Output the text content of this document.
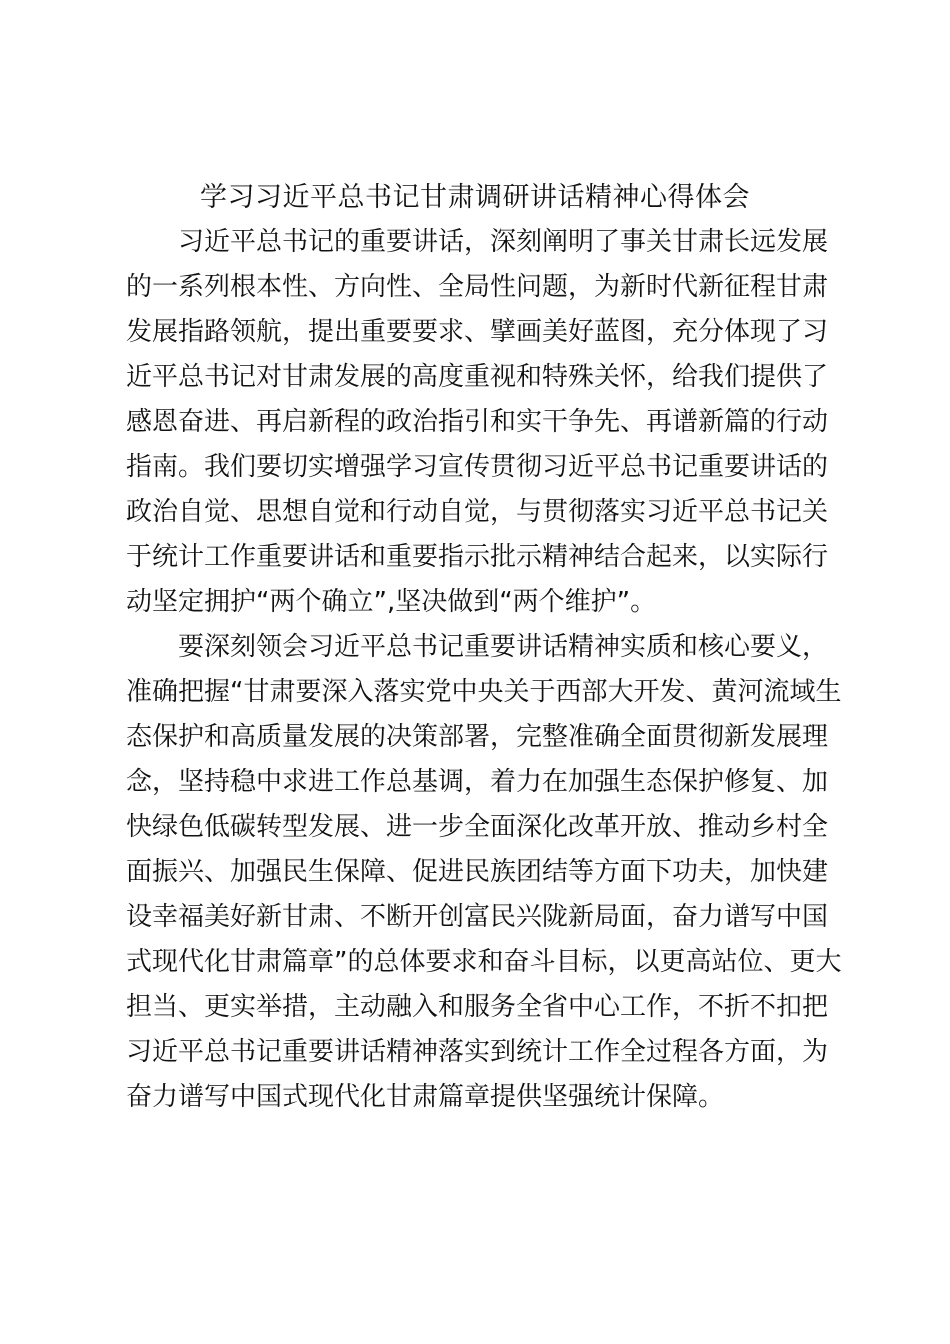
学习习近平总书记甘肃调研讲话精神心得体会

习近平总书记的重要讲话，深刻阐明了事关甘肃长远发展
的一系列根本性、方向性、全局性问题，为新时代新征程甘肃
发展指路领航，提出重要要求、擘画美好蓝图，充分体现了习
近平总书记对甘肃发展的高度重视和特殊关怀，给我们提供了
感恩奋进、再启新程的政治指引和实干争先、再谱新篇的行动
指南。我们要切实增强学习宣传贯彻习近平总书记重要讲话的
政治自觉、思想自觉和行动自觉，与贯彻落实习近平总书记关
于统计工作重要讲话和重要指示批示精神结合起来，以实际行
动坚定拥护“两个确立”,坚决做到“两个维护”。

要深刻领会习近平总书记重要讲话精神实质和核心要义，
准确把握“甘肃要深入落实党中央关于西部大开发、黄河流域生
态保护和高质量发展的决策部署，完整准确全面贯彻新发展理
念，坚持稳中求进工作总基调，着力在加强生态保护修复、加
快绿色低碳转型发展、进一步全面深化改革开放、推动乡村全
面振兴、加强民生保障、促进民族团结等方面下功夫，加快建
设幸福美好新甘肃、不断开创富民兴陇新局面，奋力谱写中国
式现代化甘肃篇章”的总体要求和奋斗目标，以更高站位、更大
担当、更实举措，主动融入和服务全省中心工作，不折不扣把
习近平总书记重要讲话精神落实到统计工作全过程各方面，为
奋力谱写中国式现代化甘肃篇章提供坚强统计保障。
